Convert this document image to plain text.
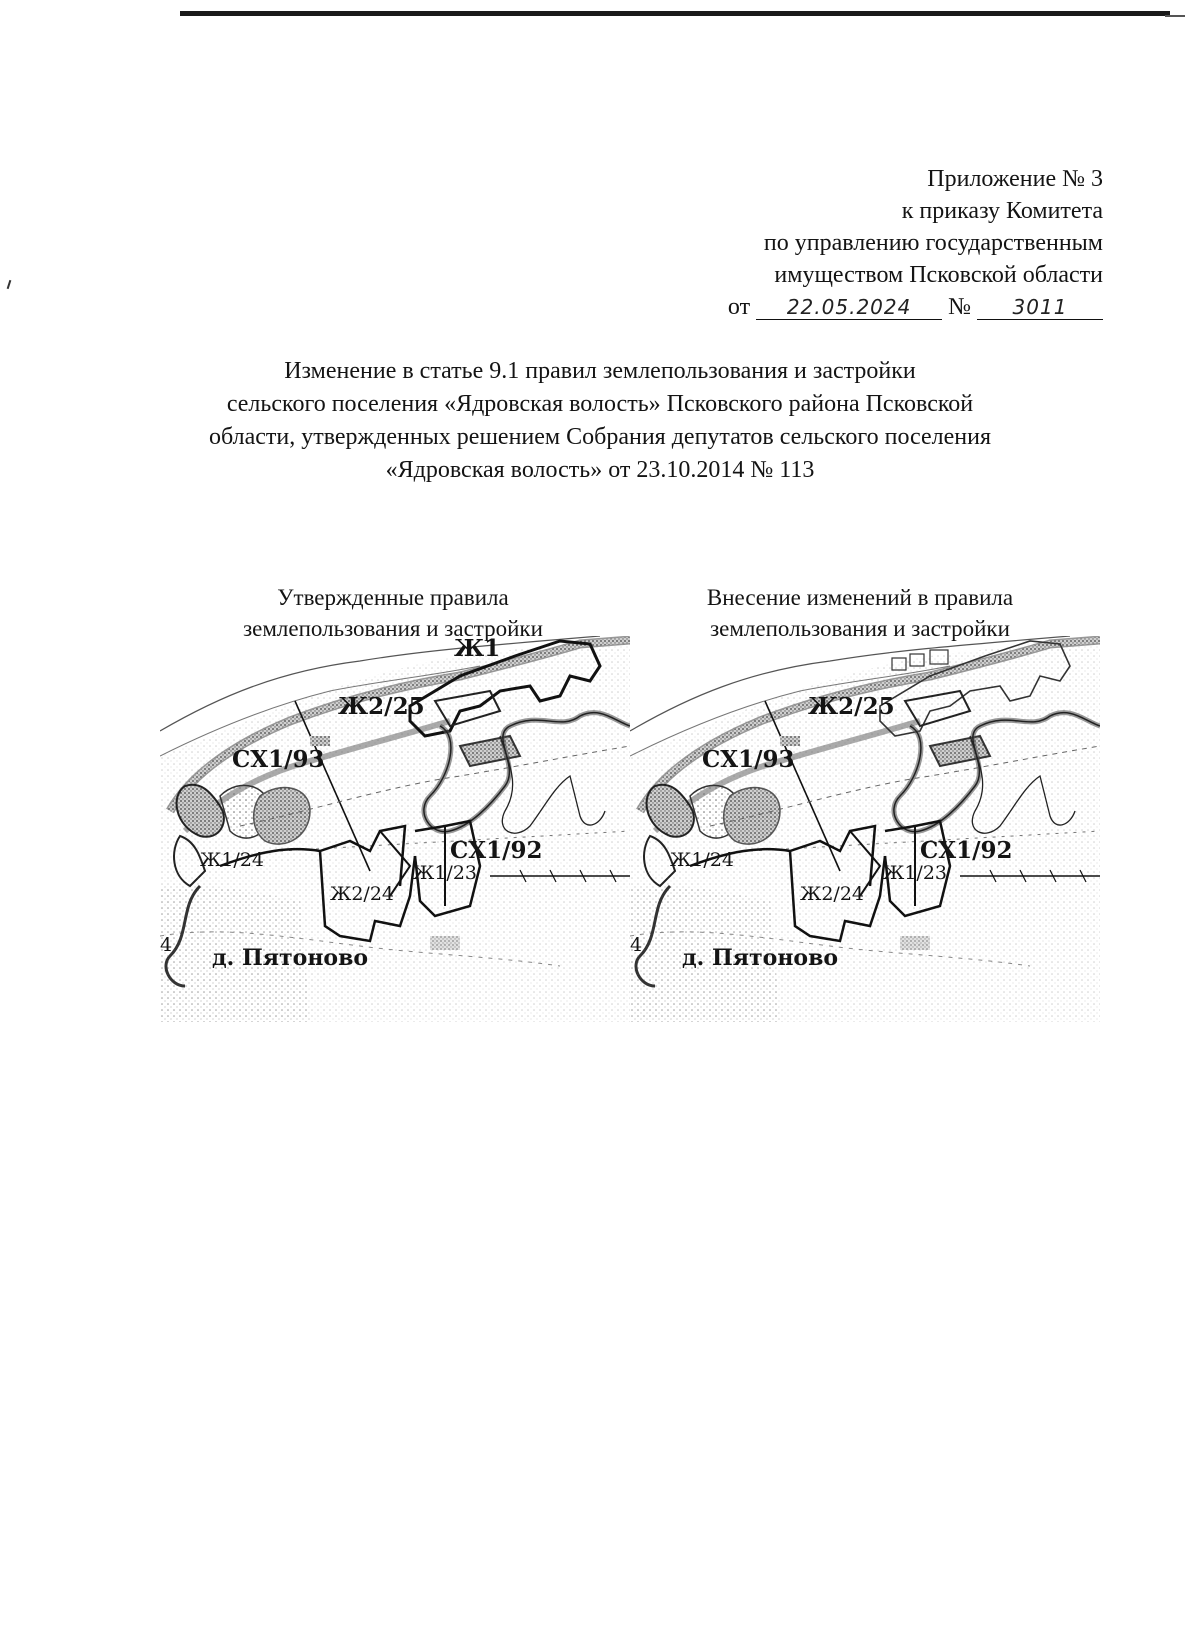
Приложение № 3
к приказу Комитета
по управлению государственным
имуществом Псковской области
от	22.05.2024	№	3011
Изменение в статье 9.1 правил землепользования и застройки
сельского поселения «Ядровская волость» Псковского района Псковской
области, утвержденных решением Собрания депутатов сельского поселения
«Ядровская волость» от 23.10.2014 № 113
Утвержденные правила
землепользования и застройки
Внесение изменений в правила
землепользования и застройки
Ж1
Ж2/25
СХ1/93
Ж1/24	СХ1/92
Ж1/23
Ж2/24
4 д. Пятоново
Ж2/25
СХ1/93
Ж1/24	СХ1/92
Ж1/23
Ж2/24
4 д. Пятоново
